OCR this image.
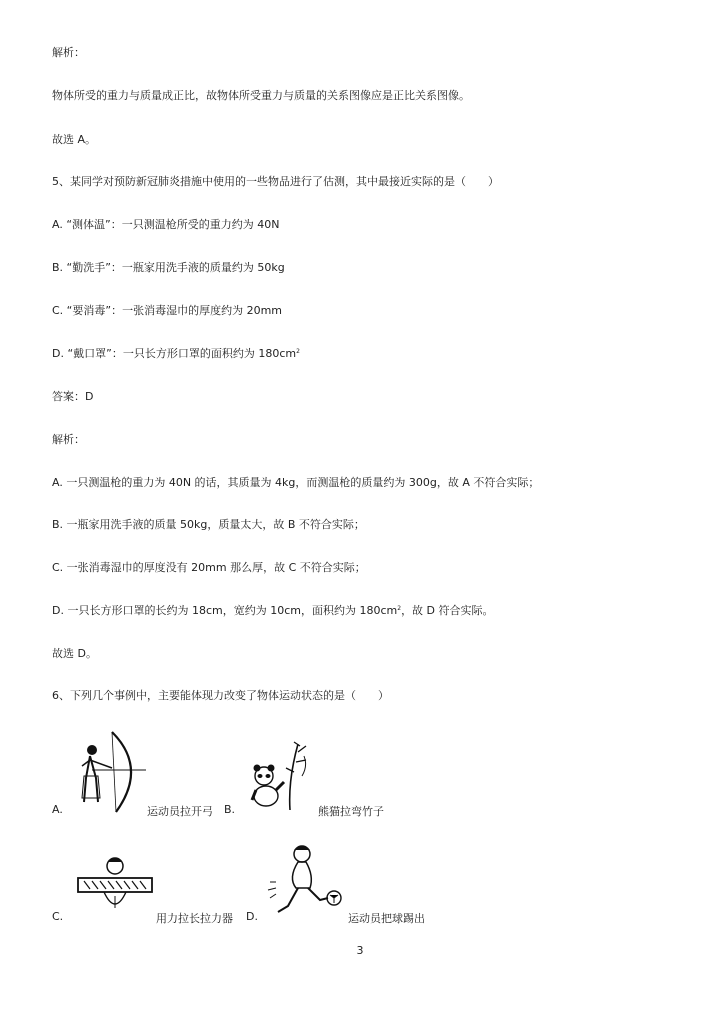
解析：
物体所受的重力与质量成正比，故物体所受重力与质量的关系图像应是正比关系图像。
故选 A。
5、某同学对预防新冠肺炎措施中使用的一些物品进行了估测，其中最接近实际的是（　　）
A. “测体温”：一只测温枪所受的重力约为 40N
B. “勤洗手”：一瓶家用洗手液的质量约为 50kg
C. “要消毒”：一张消毒湿巾的厚度约为 20mm
D. “戴口罩”：一只长方形口罩的面积约为 $180cm^2$
答案：D
解析：
A. 一只测温枪的重力为 40N 的话，其质量为 4kg，而测温枪的质量约为 300g，故 A 不符合实际；
B. 一瓶家用洗手液的质量 50kg，质量太大，故 B 不符合实际；
C. 一张消毒湿巾的厚度没有 20mm 那么厚，故 C 不符合实际；
D. 一只长方形口罩的长约为 18cm，宽约为 10cm，面积约为 $180cm^2$，故 D 符合实际。
故选 D。
6、下列几个事例中，主要能体现力改变了物体运动状态的是（　　）
A.	运动员拉开弓 B.	熊猫拉弯竹子
C.	用力拉长拉力器 D.	运动员把球踢出
3
